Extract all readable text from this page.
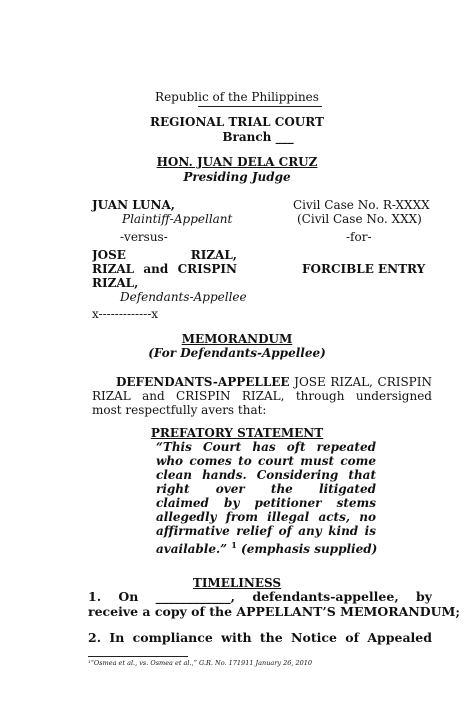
Republic of the Philippines
REGIONAL TRIAL COURT
Branch ___
HON. JUAN DELA CRUZ
Presiding Judge
JUAN LUNA,
Plaintiff-Appellant
-versus-
JOSE RIZAL,
RIZAL and CRISPIN
RIZAL,
Defendants-Appellee
x-------------x
Civil Case No. R-XXXX
(Civil Case No. XXX)
-for-
FORCIBLE ENTRY
MEMORANDUM
(For Defendants-Appellee)
DEFENDANTS-APPELLEE JOSE RIZAL, CRISPIN
RIZAL and CRISPIN RIZAL, through undersigned
most respectfully avers that:
PREFATORY STATEMENT
“This Court has oft repeated
who comes to court must come
clean hands. Considering that
right over the litigated
claimed by petitioner stems
allegedly from illegal acts, no
affirmative relief of any kind is
available.” $^1$ (emphasis supplied)
TIMELINESS
1. On ____________, defendants-appellee, by
receive a copy of the APPELLANT’S MEMORANDUM;
2. In compliance with the Notice of Appealed
¹“Osmea et al., vs. Osmea et al.,” G.R. No. 171911 January 26, 2010
